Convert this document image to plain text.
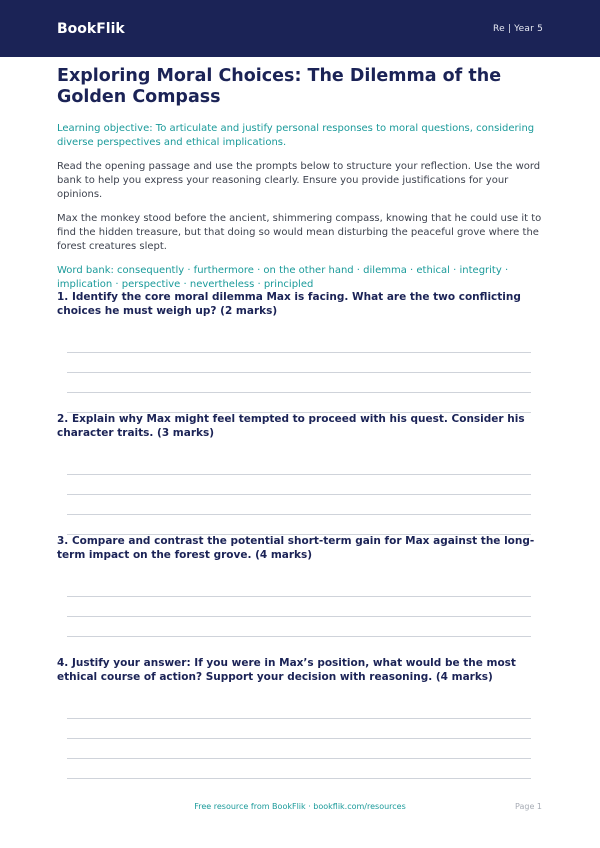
BookFlik	Re | Year 5
Exploring Moral Choices: The Dilemma of the Golden Compass
Learning objective: To articulate and justify personal responses to moral questions, considering diverse perspectives and ethical implications.
Read the opening passage and use the prompts below to structure your reflection. Use the word bank to help you express your reasoning clearly. Ensure you provide justifications for your opinions.
Max the monkey stood before the ancient, shimmering compass, knowing that he could use it to find the hidden treasure, but that doing so would mean disturbing the peaceful grove where the forest creatures slept.
Word bank: consequently · furthermore · on the other hand · dilemma · ethical · integrity · implication · perspective · nevertheless · principled
1. Identify the core moral dilemma Max is facing. What are the two conflicting choices he must weigh up? (2 marks)
2. Explain why Max might feel tempted to proceed with his quest. Consider his character traits. (3 marks)
3. Compare and contrast the potential short-term gain for Max against the long-term impact on the forest grove. (4 marks)
4. Justify your answer: If you were in Max’s position, what would be the most ethical course of action? Support your decision with reasoning. (4 marks)
Free resource from BookFlik · bookflik.com/resources	Page 1
